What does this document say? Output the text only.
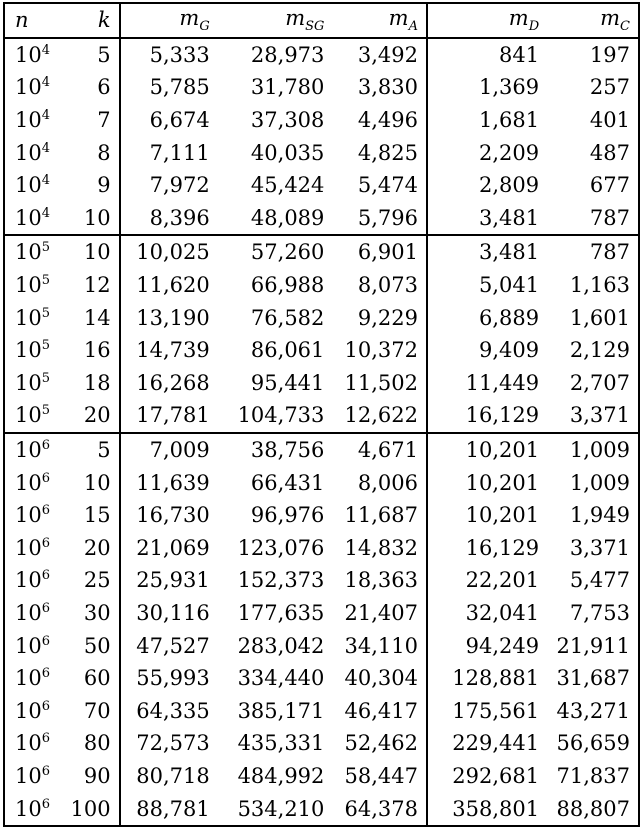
n	k	$m_G$	$m_{SG}$	$m_A$	$m_D$	$m_C$
$10^4$	5	5,333	28,973	3,492	841	197
$10^4$	6	5,785	31,780	3,830	1,369	257
$10^4$	7	6,674	37,308	4,496	1,681	401
$10^4$	8	7,111	40,035	4,825	2,209	487
$10^4$	9	7,972	45,424	5,474	2,809	677
$10^4$	10	8,396	48,089	5,796	3,481	787
$10^5$	10	10,025	57,260	6,901	3,481	787
$10^5$	12	11,620	66,988	8,073	5,041	1,163
$10^5$	14	13,190	76,582	9,229	6,889	1,601
$10^5$	16	14,739	86,061	10,372	9,409	2,129
$10^5$	18	16,268	95,441	11,502	11,449	2,707
$10^5$	20	17,781	104,733	12,622	16,129	3,371
$10^6$	5	7,009	38,756	4,671	10,201	1,009
$10^6$	10	11,639	66,431	8,006	10,201	1,009
$10^6$	15	16,730	96,976	11,687	10,201	1,949
$10^6$	20	21,069	123,076	14,832	16,129	3,371
$10^6$	25	25,931	152,373	18,363	22,201	5,477
$10^6$	30	30,116	177,635	21,407	32,041	7,753
$10^6$	50	47,527	283,042	34,110	94,249	21,911
$10^6$	60	55,993	334,440	40,304	128,881	31,687
$10^6$	70	64,335	385,171	46,417	175,561	43,271
$10^6$	80	72,573	435,331	52,462	229,441	56,659
$10^6$	90	80,718	484,992	58,447	292,681	71,837
$10^6$	100	88,781	534,210	64,378	358,801	88,807
